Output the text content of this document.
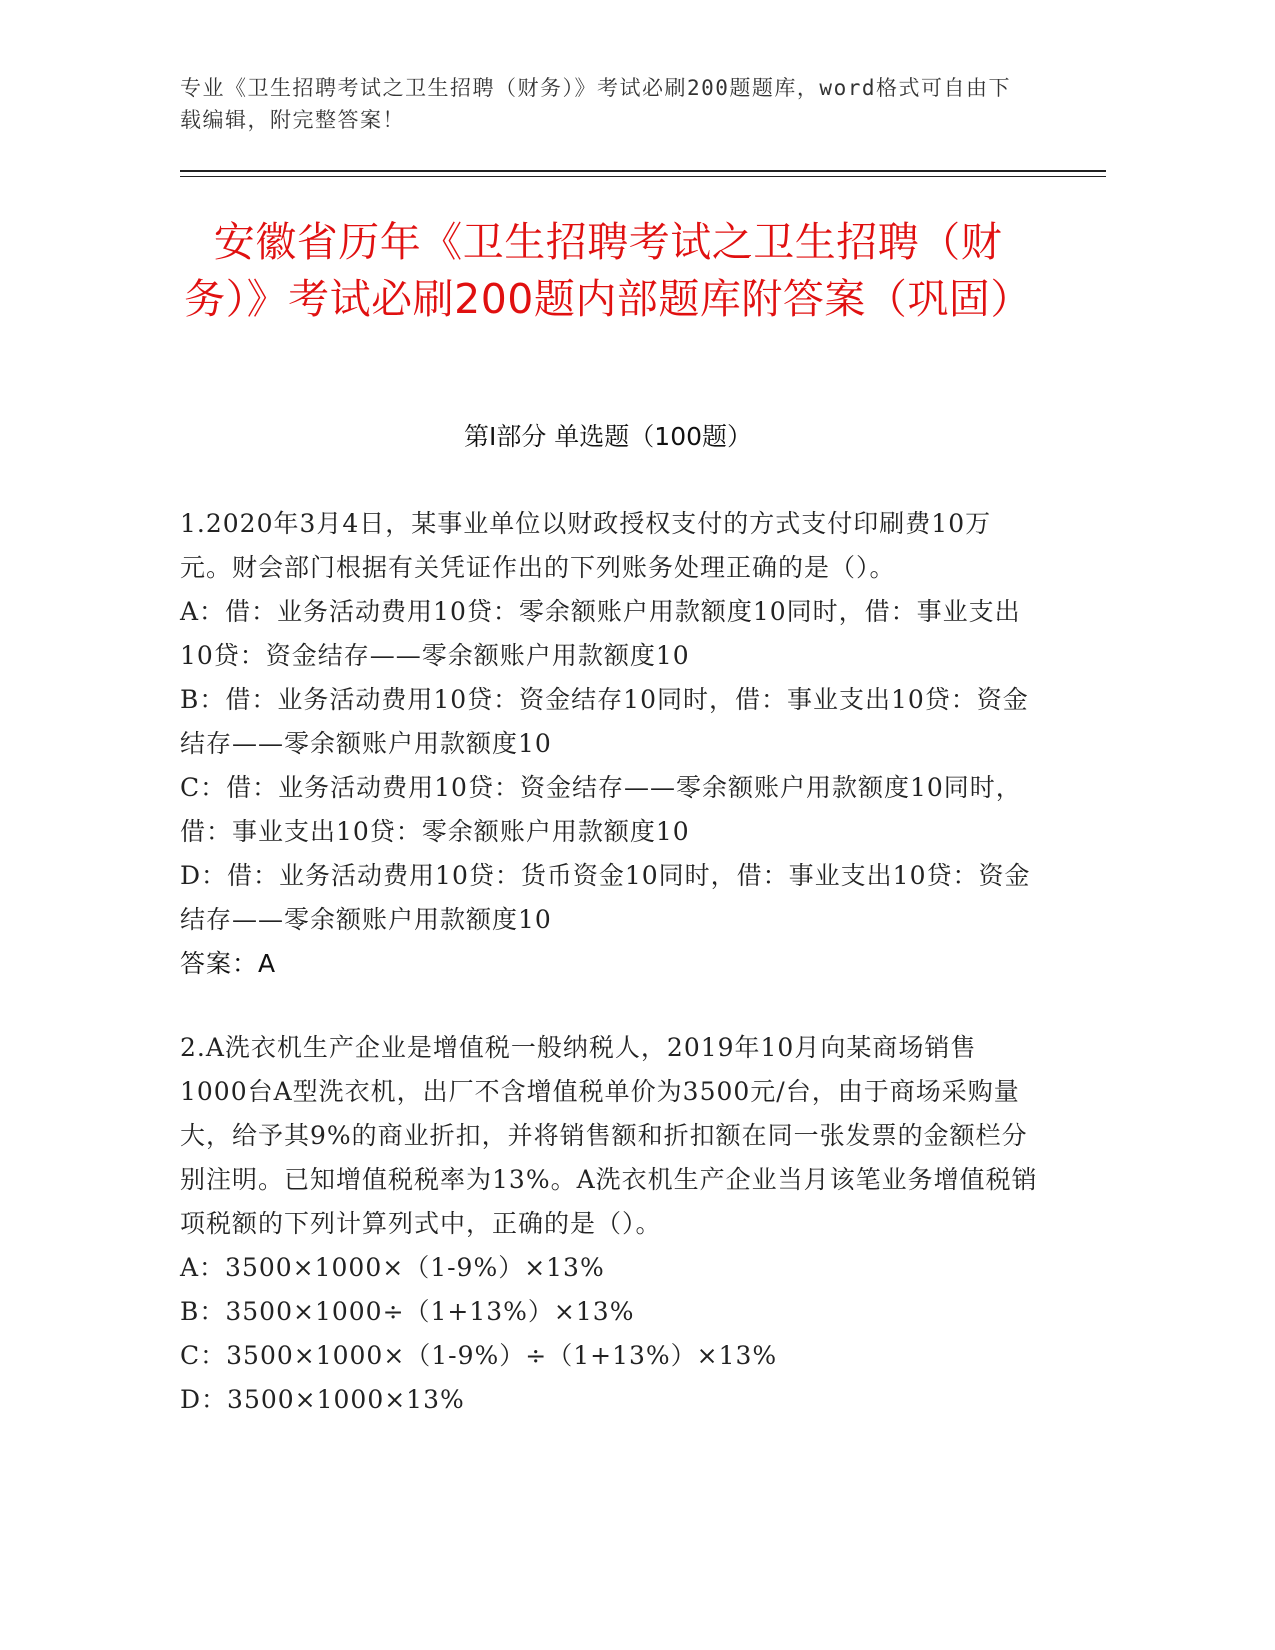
专业《卫生招聘考试之卫生招聘（财务）》考试必刷200题题库，word格式可自由下载编辑，附完整答案！
安徽省历年《卫生招聘考试之卫生招聘（财务）》考试必刷200题内部题库附答案（巩固）
第I部分 单选题（100题）

1.2020年3月4日，某事业单位以财政授权支付的方式支付印刷费10万元。财会部门根据有关凭证作出的下列账务处理正确的是（）。

A：借：业务活动费用10贷：零余额账户用款额度10同时，借：事业支出10贷：资金结存——零余额账户用款额度10

B：借：业务活动费用10贷：资金结存10同时，借：事业支出10贷：资金结存——零余额账户用款额度10

C：借：业务活动费用10贷：资金结存——零余额账户用款额度10同时，借：事业支出10贷：零余额账户用款额度10

D：借：业务活动费用10贷：货币资金10同时，借：事业支出10贷：资金结存——零余额账户用款额度10

答案：A

2.A洗衣机生产企业是增值税一般纳税人，2019年10月向某商场销售1000台A型洗衣机，出厂不含增值税单价为3500元/台，由于商场采购量大，给予其9%的商业折扣，并将销售额和折扣额在同一张发票的金额栏分别注明。已知增值税税率为13%。A洗衣机生产企业当月该笔业务增值税销项税额的下列计算列式中，正确的是（）。

A：3500×1000×（1-9%）×13%

B：3500×1000÷（1+13%）×13%

C：3500×1000×（1-9%）÷（1+13%）×13%

D：3500×1000×13%
